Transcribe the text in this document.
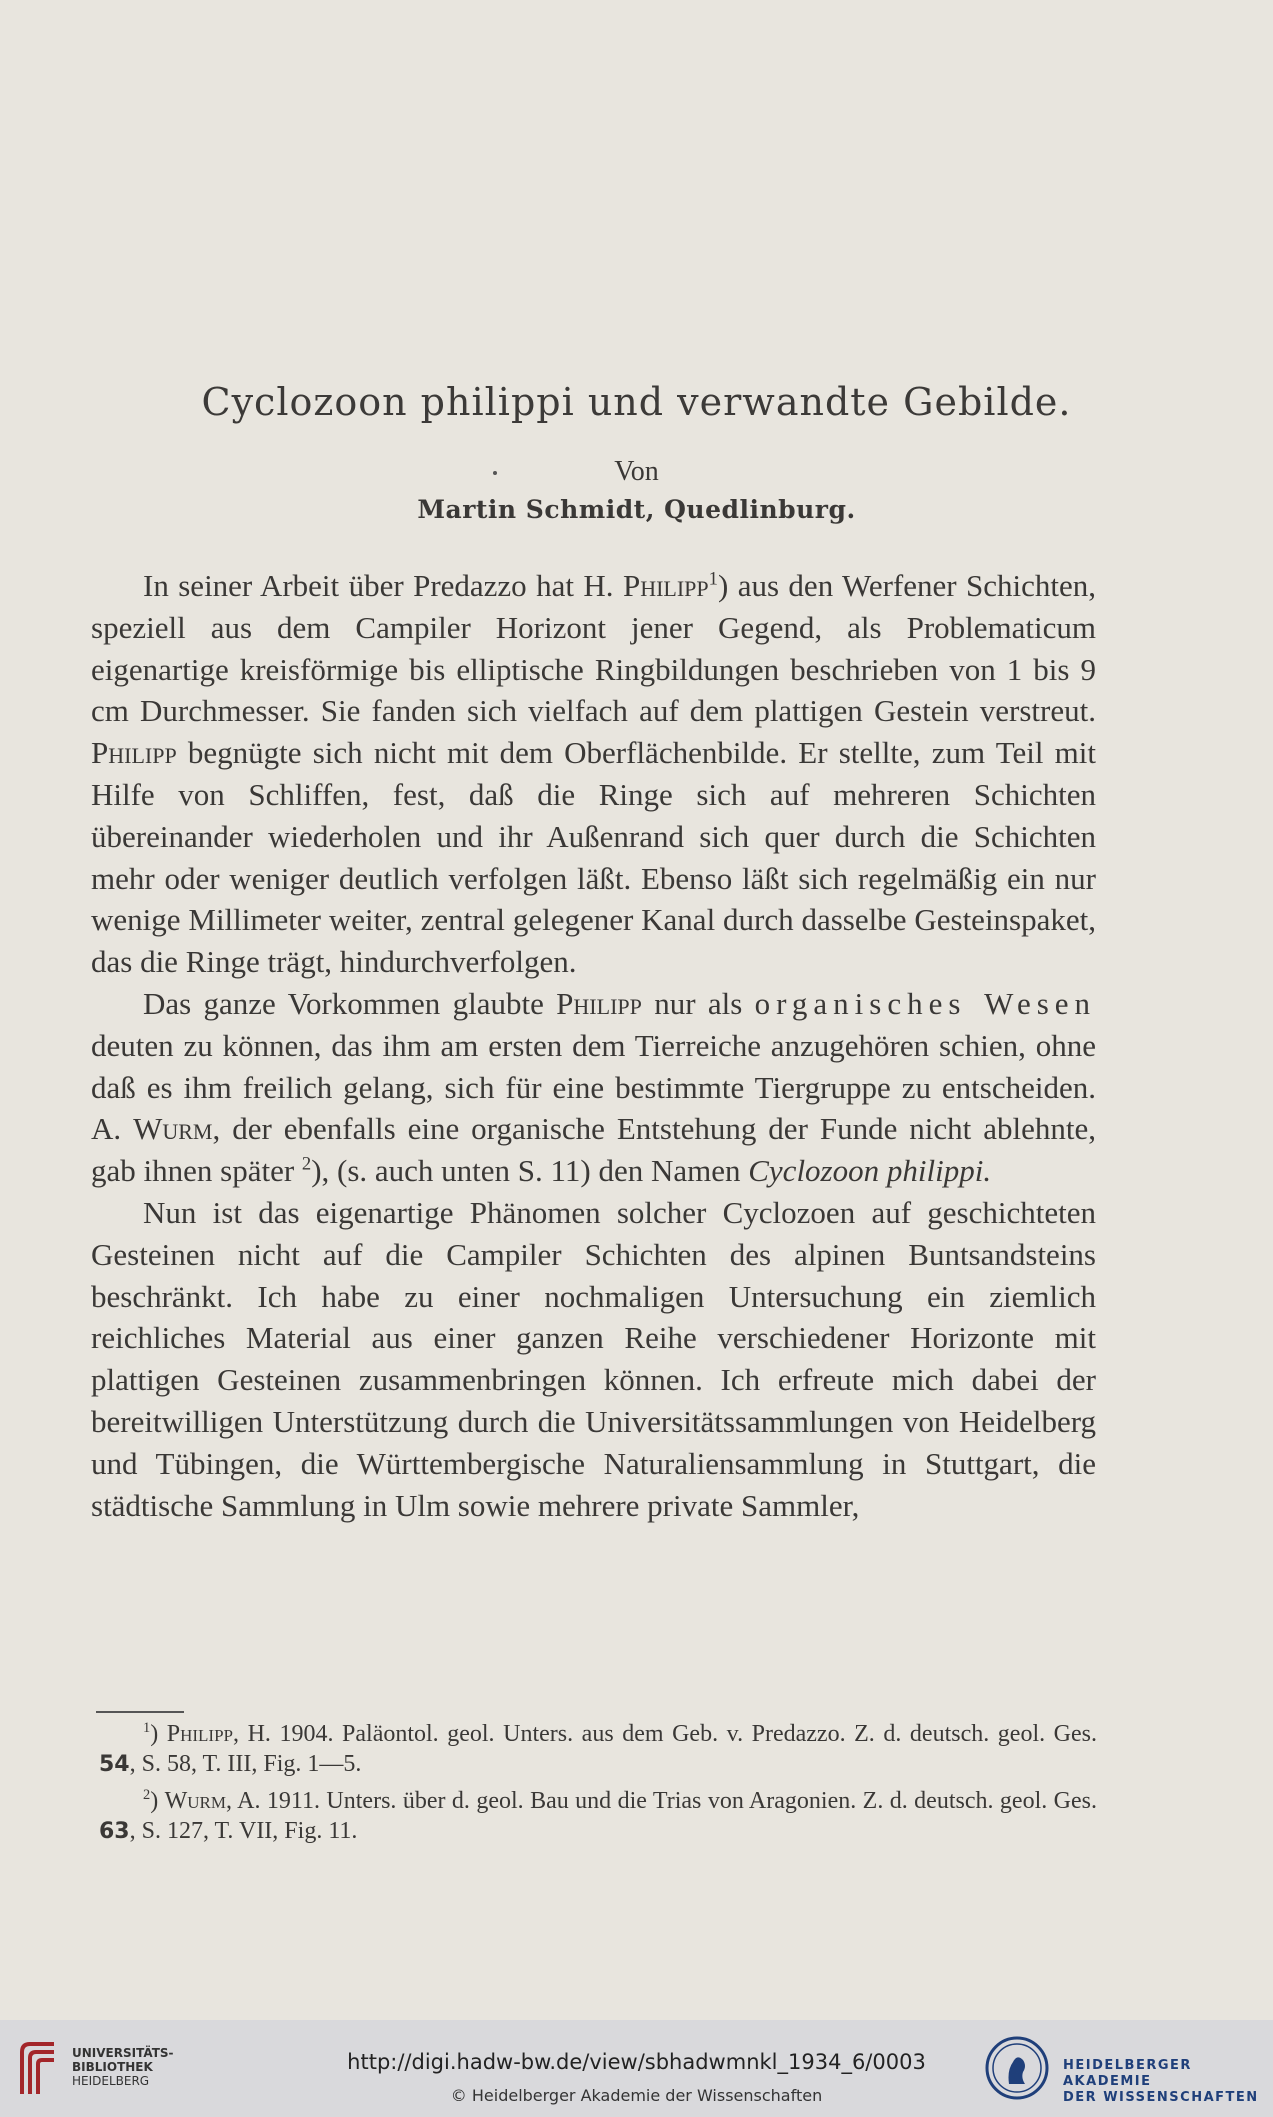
Cyclozoon philippi und verwandte Gebilde.
Von
Martin Schmidt, Quedlinburg.

In seiner Arbeit über Predazzo hat H. Philipp$^1$) aus den Werfener Schichten, speziell aus dem Campiler Horizont jener Gegend, als Problematicum eigenartige kreisförmige bis elliptische Ringbildungen beschrieben von 1 bis 9 cm Durchmesser. Sie fanden sich vielfach auf dem plattigen Gestein verstreut. Philipp begnügte sich nicht mit dem Oberflächenbilde. Er stellte, zum Teil mit Hilfe von Schliffen, fest, daß die Ringe sich auf mehreren Schichten übereinander wiederholen und ihr Außenrand sich quer durch die Schichten mehr oder weniger deutlich verfolgen läßt. Ebenso läßt sich regelmäßig ein nur wenige Millimeter weiter, zentral gelegener Kanal durch dasselbe Gesteinspaket, das die Ringe trägt, hindurchverfolgen.

Das ganze Vorkommen glaubte Philipp nur als organisches Wesen deuten zu können, das ihm am ersten dem Tierreiche anzugehören schien, ohne daß es ihm freilich gelang, sich für eine bestimmte Tiergruppe zu entscheiden. A. Wurm, der ebenfalls eine organische Entstehung der Funde nicht ablehnte, gab ihnen später $^2$), (s. auch unten S. 11) den Namen Cyclozoon philippi.

Nun ist das eigenartige Phänomen solcher Cyclozoen auf geschichteten Gesteinen nicht auf die Campiler Schichten des alpinen Buntsandsteins beschränkt. Ich habe zu einer nochmaligen Untersuchung ein ziemlich reichliches Material aus einer ganzen Reihe verschiedener Horizonte mit plattigen Gesteinen zusammenbringen können. Ich erfreute mich dabei der bereitwilligen Unterstützung durch die Universitätssammlungen von Heidelberg und Tübingen, die Württembergische Naturaliensammlung in Stuttgart, die städtische Sammlung in Ulm sowie mehrere private Sammler,

$^1$) Philipp, H. 1904. Paläontol. geol. Unters. aus dem Geb. v. Predazzo. Z. d. deutsch. geol. Ges. 54, S. 58, T. III, Fig. 1—5.

$^2$) Wurm, A. 1911. Unters. über d. geol. Bau und die Trias von Aragonien. Z. d. deutsch. geol. Ges. 63, S. 127, T. VII, Fig. 11.

UNIVERSITÄTS-
BIBLIOTHEK
HEIDELBERG
http://digi.hadw-bw.de/view/sbhadwmnkl_1934_6/0003
© Heidelberger Akademie der Wissenschaften
HEIDELBERGER AKADEMIE
DER WISSENSCHAFTEN
